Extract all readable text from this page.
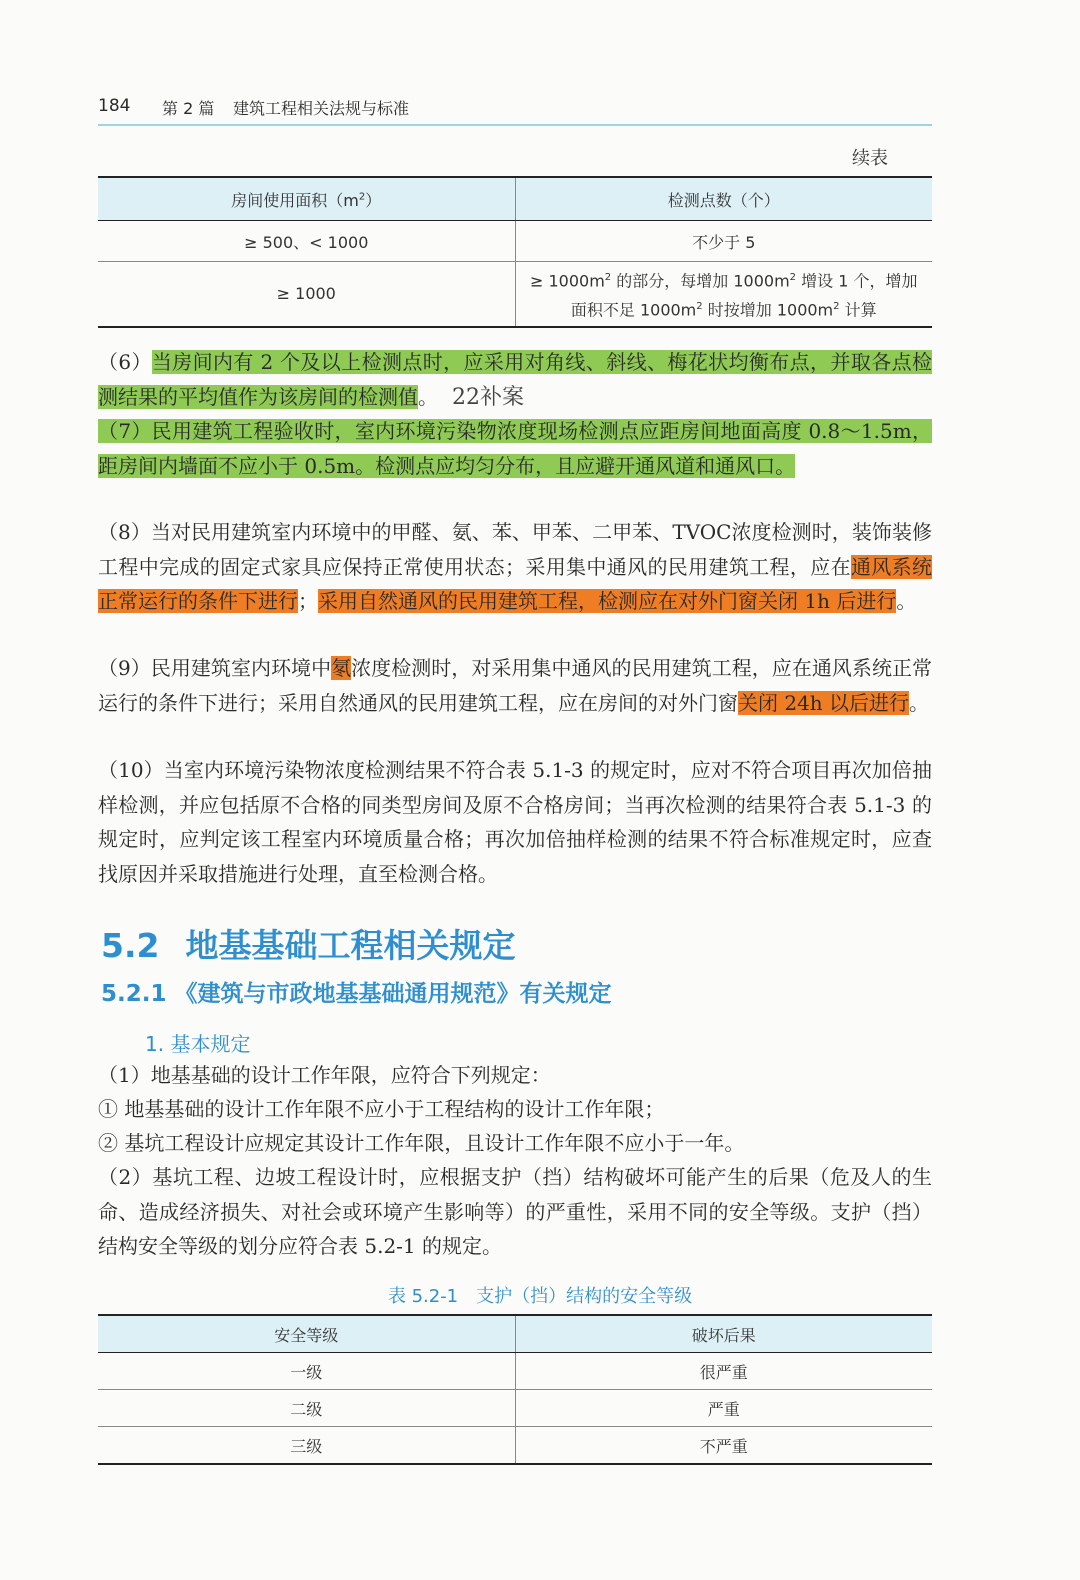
184 第 2 篇 建筑工程相关法规与标准
续表
房间使用面积$(m^2)$	检测点数（个）
≥ 500、< 1000	不少于 5
≥ 1000	≥ $1000m^2$ 的部分，每增加 $1000m^2$ 增设 1 个，增加
面积不足 $1000m^2$ 时按增加 $1000m^2$ 计算

（6）当房间内有 2 个及以上检测点时，应采用对角线、斜线、梅花状均衡布点，并取各点检测结果的平均值作为该房间的检测值。 22补案

（7）民用建筑工程验收时，室内环境污染物浓度现场检测点应距房间地面高度 0.8～1.5m，距房间内墙面不应小于 0.5m。检测点应均匀分布，且应避开通风道和通风口。

（8）当对民用建筑室内环境中的甲醛、氨、苯、甲苯、二甲苯、TVOC浓度检测时，装饰装修工程中完成的固定式家具应保持正常使用状态；采用集中通风的民用建筑工程，应在通风系统正常运行的条件下进行；采用自然通风的民用建筑工程，检测应在对外门窗关闭 1h 后进行。

（9）民用建筑室内环境中氡浓度检测时，对采用集中通风的民用建筑工程，应在通风系统正常运行的条件下进行；采用自然通风的民用建筑工程，应在房间的对外门窗关闭 24h 以后进行。

（10）当室内环境污染物浓度检测结果不符合表 5.1-3 的规定时，应对不符合项目再次加倍抽样检测，并应包括原不合格的同类型房间及原不合格房间；当再次检测的结果符合表 5.1-3 的规定时，应判定该工程室内环境质量合格；再次加倍抽样检测的结果不符合标准规定时，应查找原因并采取措施进行处理，直至检测合格。

5.2 地基基础工程相关规定
5.2.1 《建筑与市政地基基础通用规范》有关规定
1. 基本规定

（1）地基基础的设计工作年限，应符合下列规定：

① 地基基础的设计工作年限不应小于工程结构的设计工作年限；

② 基坑工程设计应规定其设计工作年限，且设计工作年限不应小于一年。

（2）基坑工程、边坡工程设计时，应根据支护（挡）结构破坏可能产生的后果（危及人的生命、造成经济损失、对社会或环境产生影响等）的严重性，采用不同的安全等级。支护（挡）结构安全等级的划分应符合表 5.2-1 的规定。

表 5.2-1　支护（挡）结构的安全等级
安全等级	破坏后果
一级	很严重
二级	严重
三级	不严重
